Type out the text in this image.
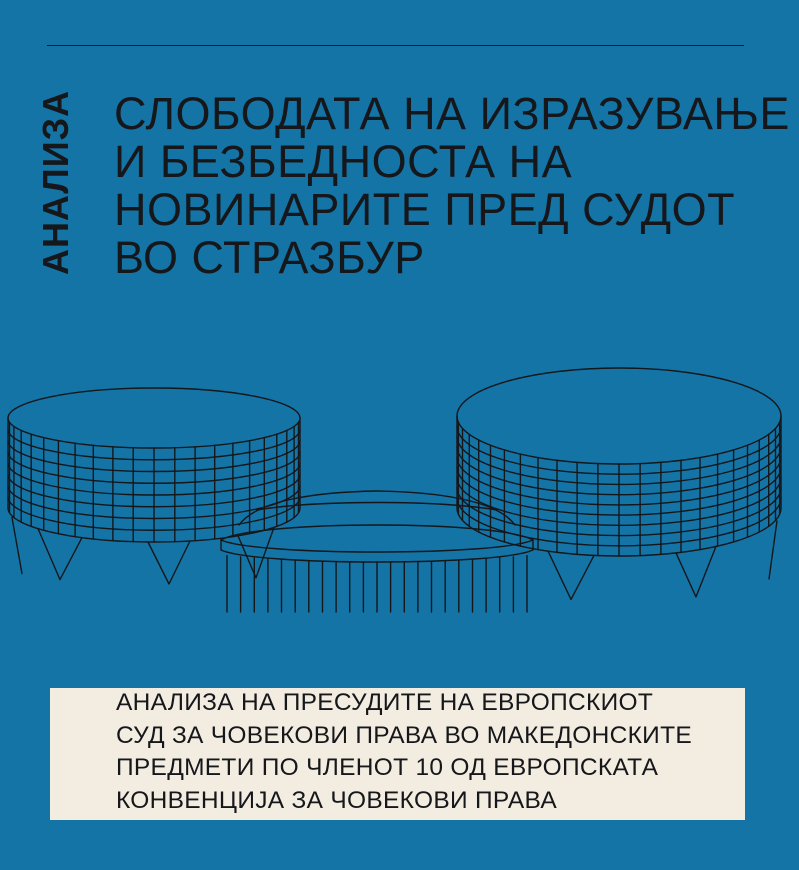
АНАЛИЗА СЛОБОДАТА НА ИЗРАЗУВАЊЕ
И БЕЗБЕДНОСТА НА
НОВИНАРИТЕ ПРЕД СУДОТ
ВО СТРАЗБУР
АНАЛИЗА НА ПРЕСУДИТЕ НА ЕВРОПСКИОТ
СУД ЗА ЧОВЕКОВИ ПРАВА ВО МАКЕДОНСКИТЕ
ПРЕДМЕТИ ПО ЧЛЕНОТ 10 ОД ЕВРОПСКАТА
КОНВЕНЦИЈА ЗА ЧОВЕКОВИ ПРАВА
